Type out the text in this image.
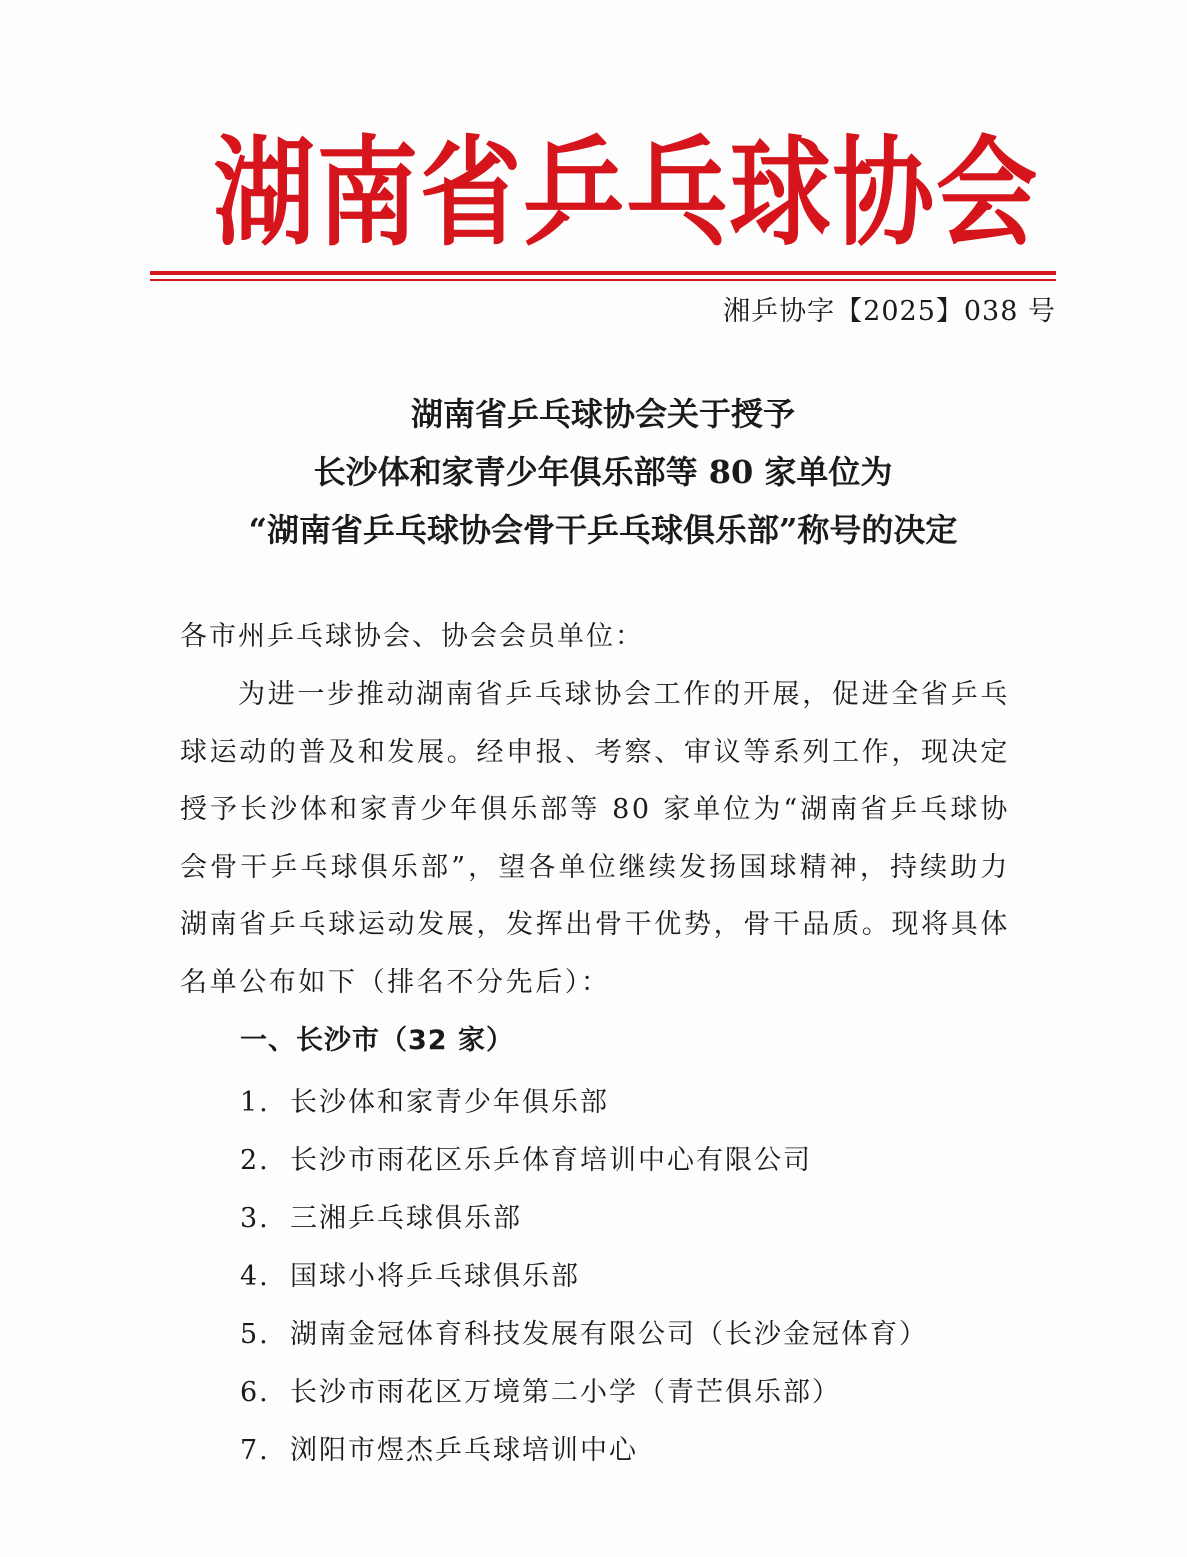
湖南省乒乓球协会
湘乒协字【2025】038 号
湖南省乒乓球协会关于授予
长沙体和家青少年俱乐部等 80 家单位为
“湖南省乒乓球协会骨干乒乓球俱乐部”称号的决定
各市州乒乓球协会、协会会员单位：
为进一步推动湖南省乒乓球协会工作的开展，促进全省乒乓球运动的普及和发展。经申报、考察、审议等系列工作，现决定授予长沙体和家青少年俱乐部等 80 家单位为“湖南省乒乓球协会骨干乒乓球俱乐部”，望各单位继续发扬国球精神，持续助力湖南省乒乓球运动发展，发挥出骨干优势，骨干品质。现将具体名单公布如下（排名不分先后）：
一、长沙市（32 家）
1. 长沙体和家青少年俱乐部
2. 长沙市雨花区乐乒体育培训中心有限公司
3. 三湘乒乓球俱乐部
4. 国球小将乒乓球俱乐部
5. 湖南金冠体育科技发展有限公司（长沙金冠体育）
6. 长沙市雨花区万境第二小学（青芒俱乐部）
7. 浏阳市煜杰乒乓球培训中心
